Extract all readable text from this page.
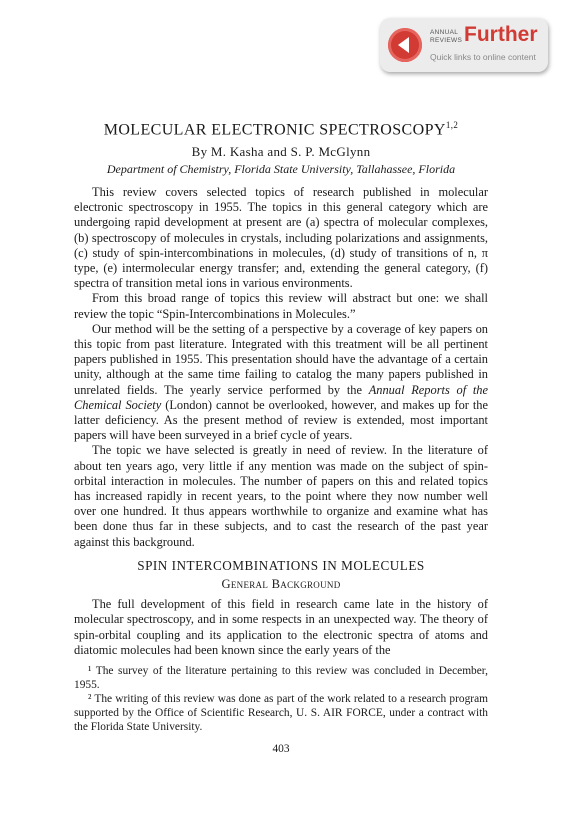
ANNUAL
REVIEWS Further
Quick links to online content
MOLECULAR ELECTRONIC SPECTROSCOPY$^{1,2}$
By M. Kasha and S. P. McGlynn
Department of Chemistry, Florida State University, Tallahassee, Florida

This review covers selected topics of research published in molecular electronic spectroscopy in 1955. The topics in this general category which are undergoing rapid development at present are (a) spectra of molecular complexes, (b) spectroscopy of molecules in crystals, including polarizations and assignments, (c) study of spin-intercombinations in molecules, (d) study of transitions of n, π type, (e) intermolecular energy transfer; and, extending the general category, (f) spectra of transition metal ions in various environments.

From this broad range of topics this review will abstract but one: we shall review the topic “Spin-Intercombinations in Molecules.”

Our method will be the setting of a perspective by a coverage of key papers on this topic from past literature. Integrated with this treatment will be all pertinent papers published in 1955. This presentation should have the advantage of a certain unity, although at the same time failing to catalog the many papers published in unrelated fields. The yearly service performed by the Annual Reports of the Chemical Society (London) cannot be overlooked, however, and makes up for the latter deficiency. As the present method of review is extended, most important papers will have been surveyed in a brief cycle of years.

The topic we have selected is greatly in need of review. In the literature of about ten years ago, very little if any mention was made on the subject of spin-orbital interaction in molecules. The number of papers on this and related topics has increased rapidly in recent years, to the point where they now number well over one hundred. It thus appears worthwhile to organize and examine what has been done thus far in these subjects, and to cast the research of the past year against this background.

SPIN INTERCOMBINATIONS IN MOLECULES
General Background

The full development of this field in research came late in the history of molecular spectroscopy, and in some respects in an unexpected way. The theory of spin-orbital coupling and its application to the electronic spectra of atoms and diatomic molecules had been known since the early years of the

¹ The survey of the literature pertaining to this review was concluded in December, 1955.

² The writing of this review was done as part of the work related to a research program supported by the Office of Scientific Research, U. S. AIR FORCE, under a contract with the Florida State University.

403
